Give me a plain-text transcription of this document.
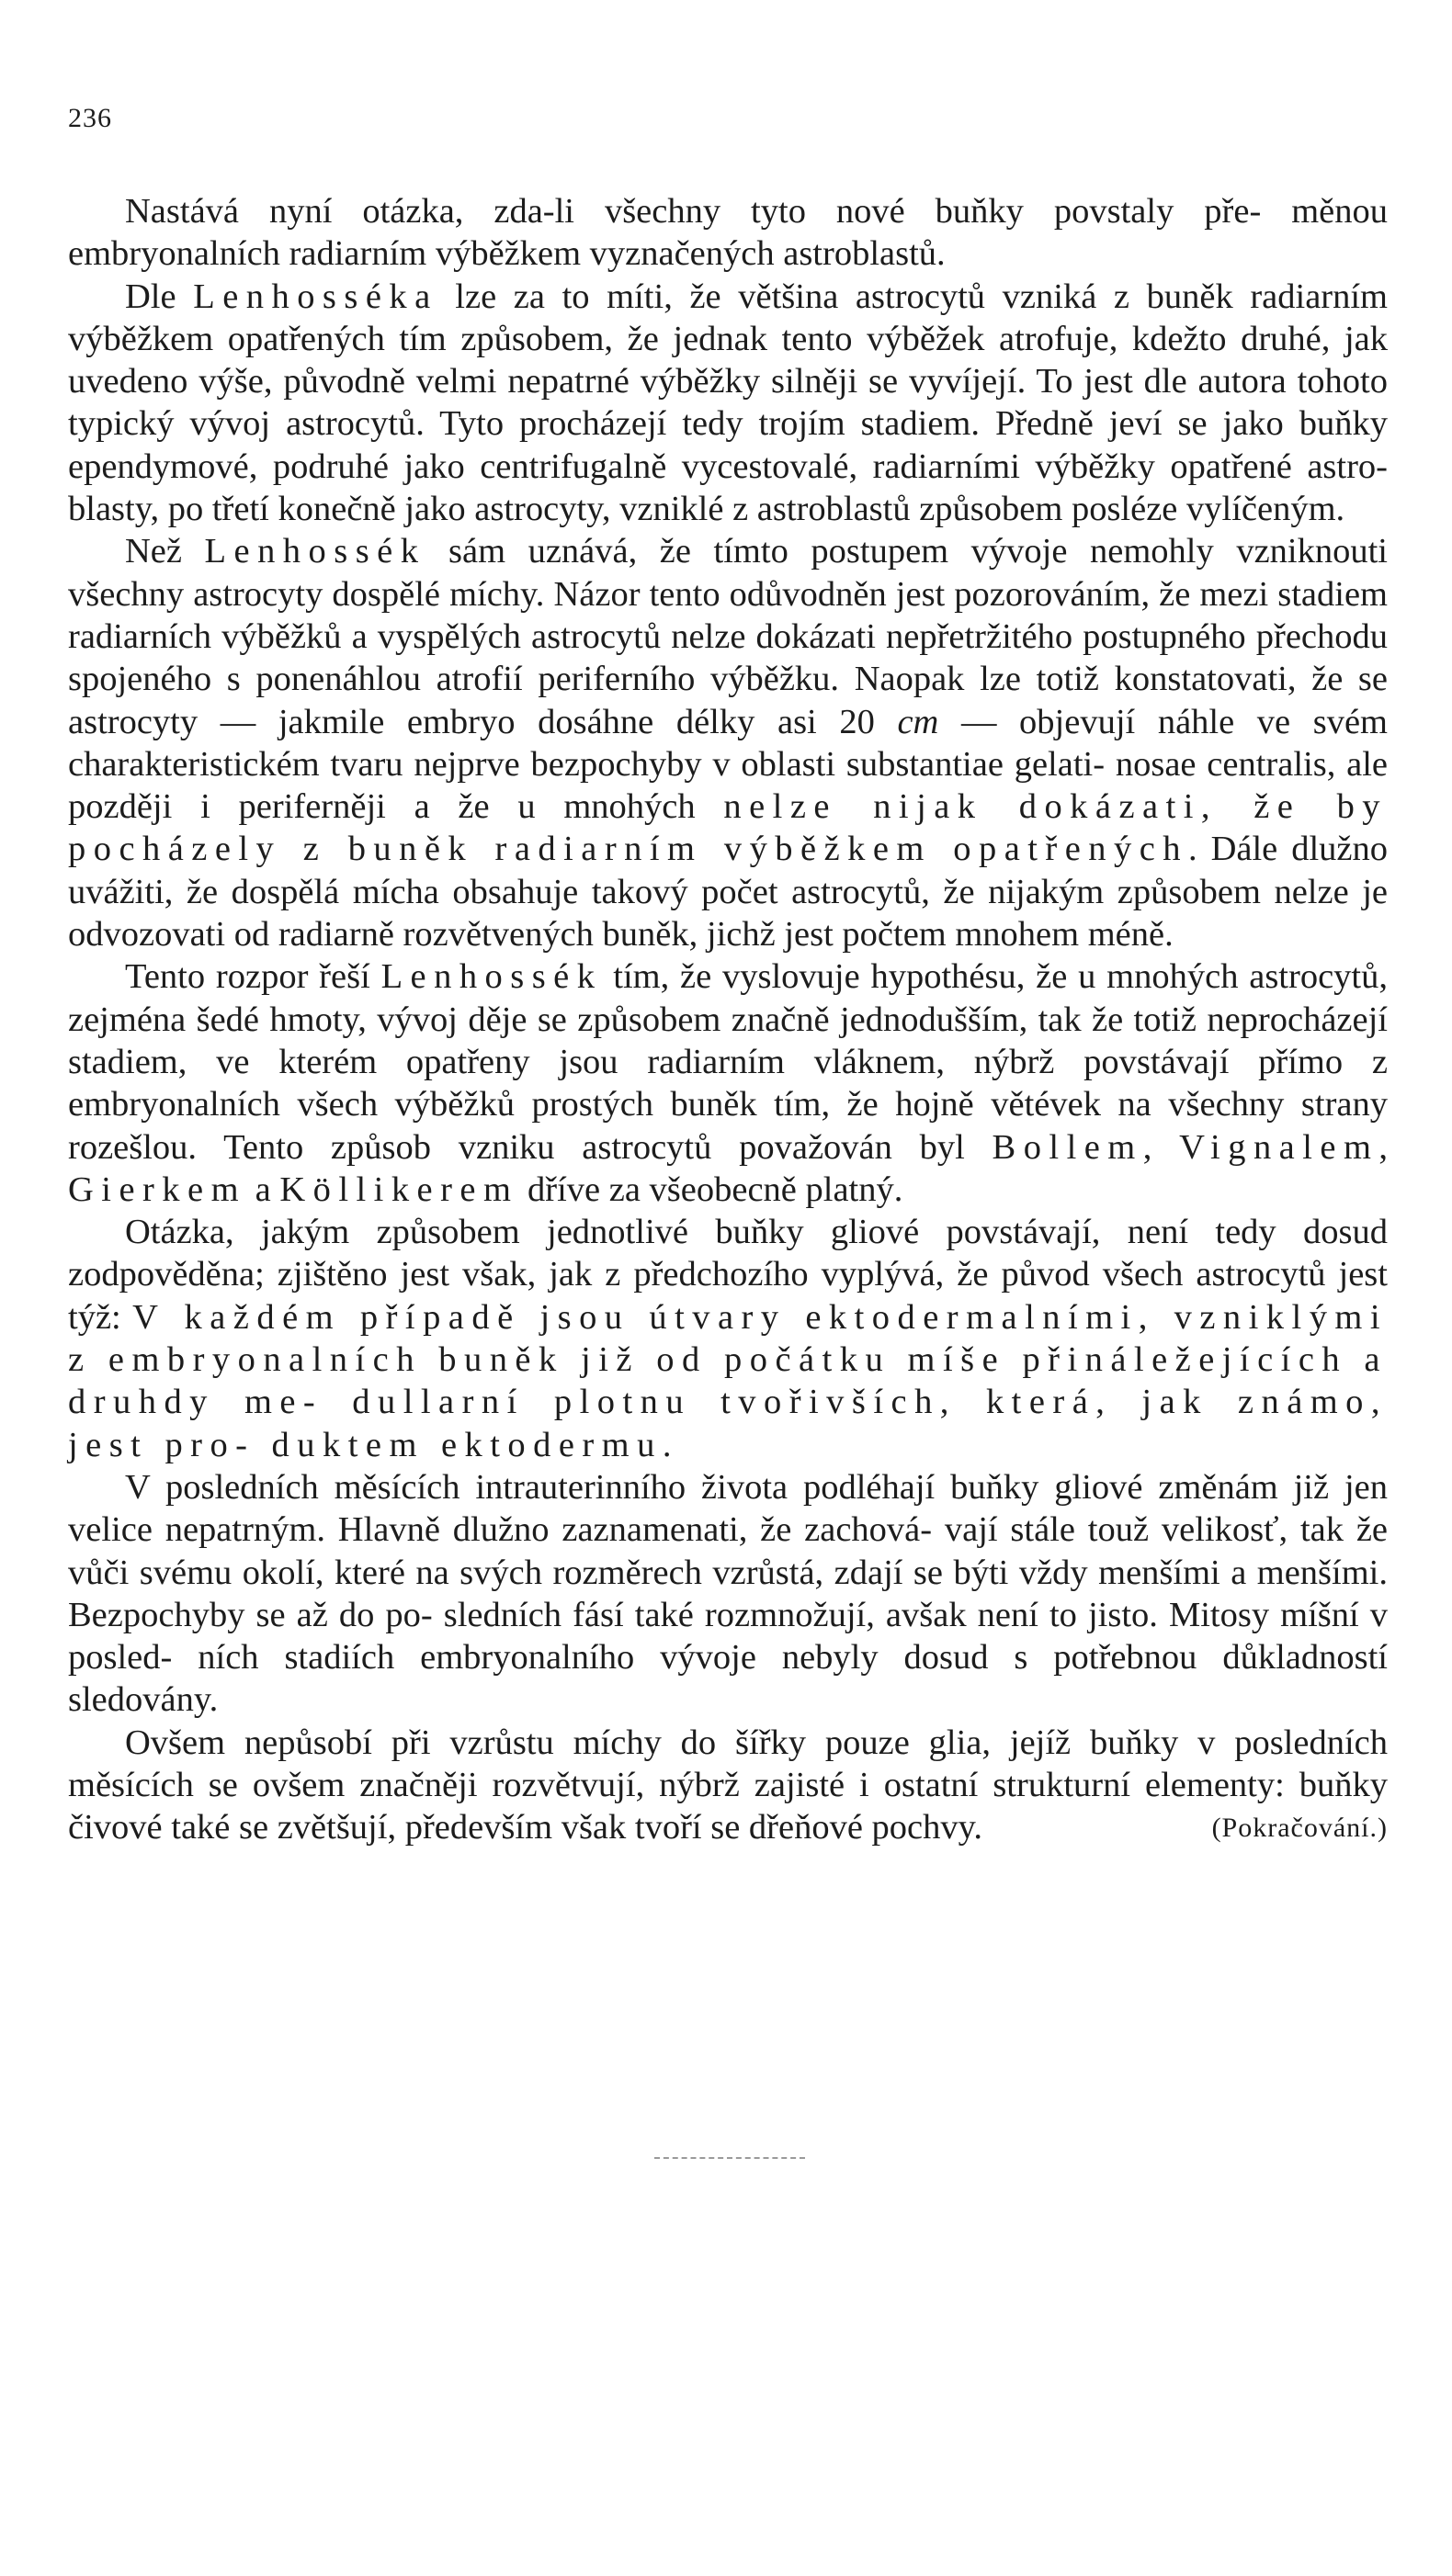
236

Nastává nyní otázka, zda-li všechny tyto nové buňky povstaly pře- měnou embryonalních radiarním výběžkem vyznačených astroblastů.

Dle Lenhosséka lze za to míti, že většina astrocytů vzniká z buněk radiarním výběžkem opatřených tím způsobem, že jednak tento výběžek atrofuje, kdežto druhé, jak uvedeno výše, původně velmi nepatrné výběžky silněji se vyvíjejí. To jest dle autora tohoto typický vývoj astrocytů. Tyto procházejí tedy trojím stadiem. Předně jeví se jako buňky ependymové, podruhé jako centrifugalně vycestovalé, radiarními výběžky opatřené astro- blasty, po třetí konečně jako astrocyty, vzniklé z astroblastů způsobem posléze vylíčeným.

Než Lenhossék sám uznává, že tímto postupem vývoje nemohly vzniknouti všechny astrocyty dospělé míchy. Názor tento odůvodněn jest pozorováním, že mezi stadiem radiarních výběžků a vyspělých astrocytů nelze dokázati nepřetržitého postupného přechodu spojeného s ponenáhlou atrofií periferního výběžku. Naopak lze totiž konstatovati, že se astrocyty — jakmile embryo dosáhne délky asi 20 cm — objevují náhle ve svém charakteristickém tvaru nejprve bezpochyby v oblasti substantiae gelati- nosae centralis, ale později i periferněji a že u mnohých nelze nijak dokázati, že by pocházely z buněk radiarním výběžkem opatřených. Dále dlužno uvážiti, že dospělá mícha obsahuje takový počet astrocytů, že nijakým způsobem nelze je odvozovati od radiarně rozvětvených buněk, jichž jest počtem mnohem méně.

Tento rozpor řeší Lenhossék tím, že vyslovuje hypothésu, že u mnohých astrocytů, zejména šedé hmoty, vývoj děje se způsobem značně jednodušším, tak že totiž neprocházejí stadiem, ve kterém opatřeny jsou radiarním vláknem, nýbrž povstávají přímo z embryonalních všech výběžků prostých buněk tím, že hojně větévek na všechny strany rozešlou. Tento způsob vzniku astrocytů považován byl Bollem, Vignalem, Gierkem a Köllikerem dříve za všeobecně platný.

Otázka, jakým způsobem jednotlivé buňky gliové povstávají, není tedy dosud zodpověděna; zjištěno jest však, jak z předchozího vyplývá, že původ všech astrocytů jest týž: V každém případě jsou útvary ektodermalními, vzniklými z embryonalních buněk již od počátku míše přináležejících a druhdy me- dullarní plotnu tvořivších, která, jak známo, jest pro- duktem ektodermu.

V posledních měsících intrauterinního života podléhají buňky gliové změnám již jen velice nepatrným. Hlavně dlužno zaznamenati, že zachová- vají stále touž velikosť, tak že vůči svému okolí, které na svých rozměrech vzrůstá, zdají se býti vždy menšími a menšími. Bezpochyby se až do po- sledních fásí také rozmnožují, avšak není to jisto. Mitosy míšní v posled- ních stadiích embryonalního vývoje nebyly dosud s potřebnou důkladností sledovány.

Ovšem nepůsobí při vzrůstu míchy do šířky pouze glia, jejíž buňky v posledních měsících se ovšem značněji rozvětvují, nýbrž zajisté i ostatní strukturní elementy: buňky čivové také se zvětšují, především však tvoří se dřeňové pochvy.	(Pokračování.)
